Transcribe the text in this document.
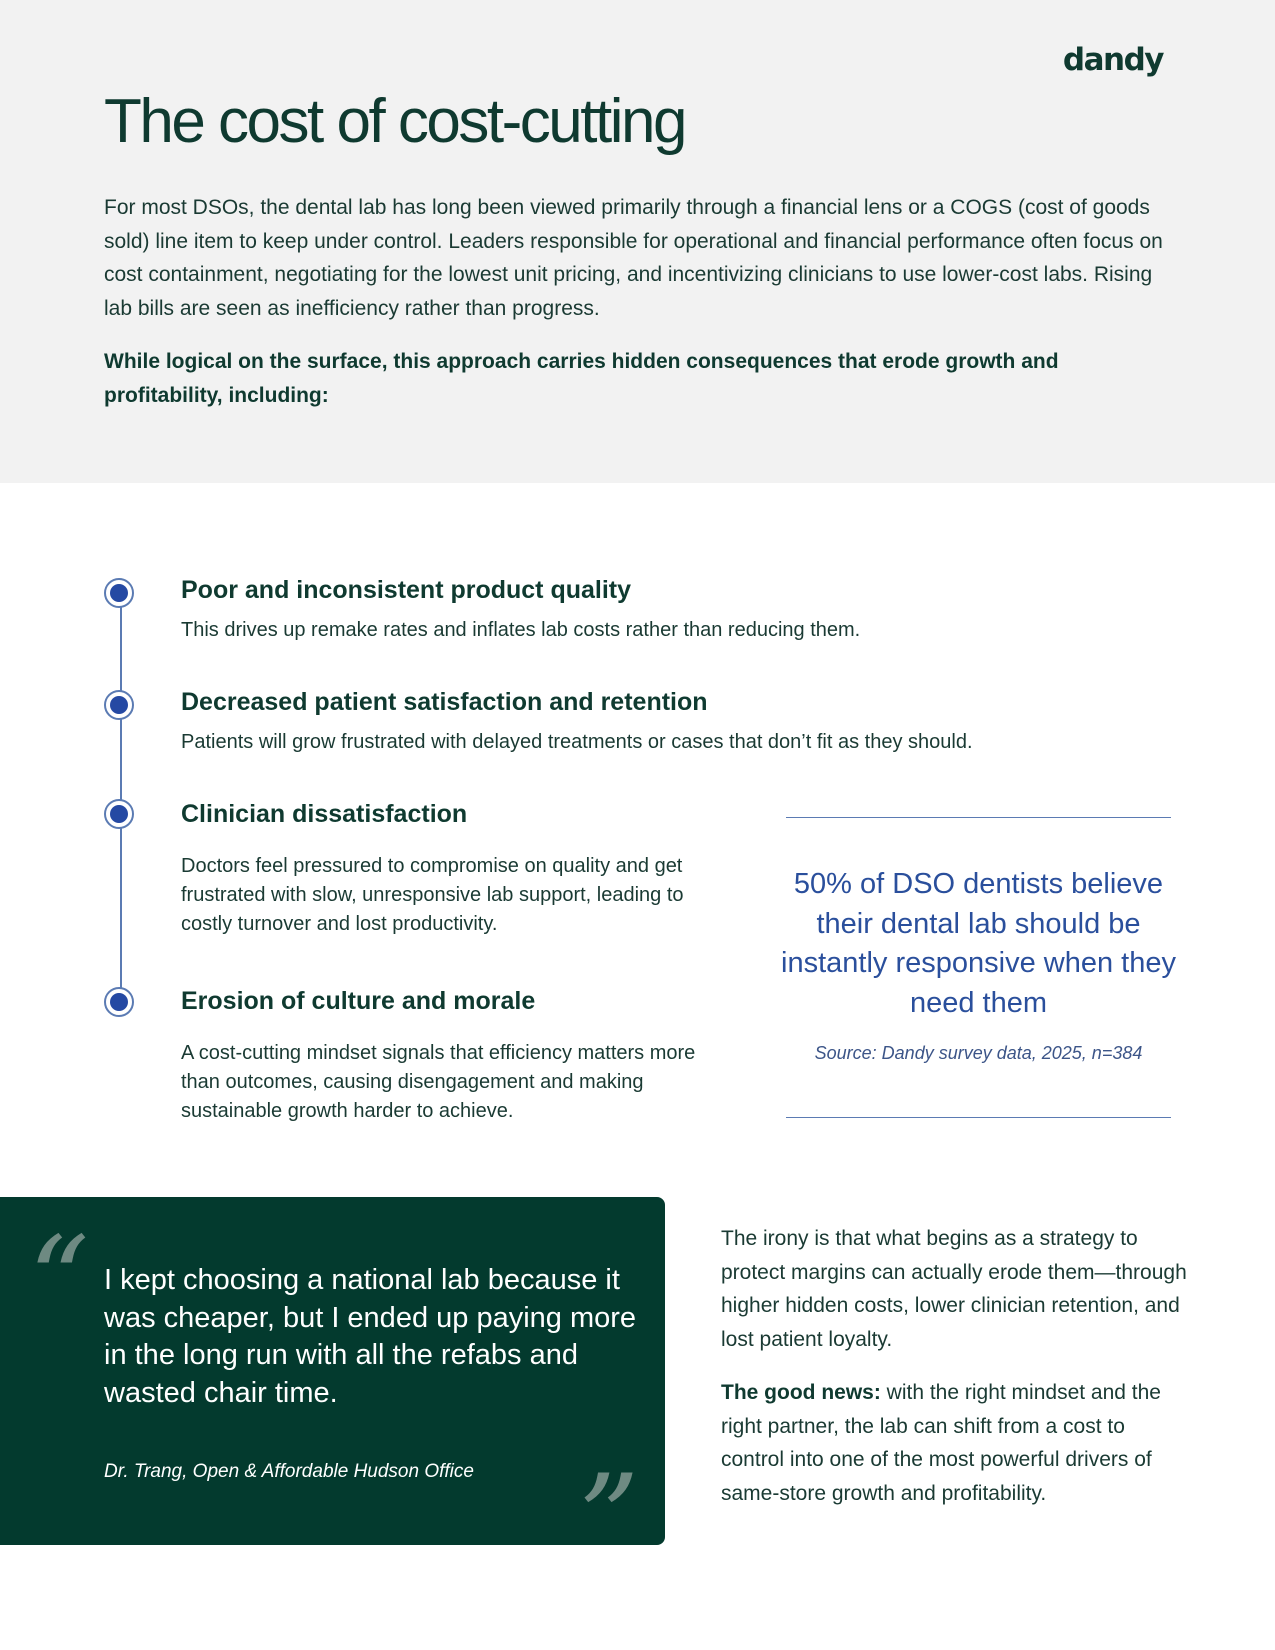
dandy
The cost of cost-cutting

For most DSOs, the dental lab has long been viewed primarily through a financial lens or a COGS (cost of goods sold) line item to keep under control. Leaders responsible for operational and financial performance often focus on cost containment, negotiating for the lowest unit pricing, and incentivizing clinicians to use lower-cost labs. Rising lab bills are seen as inefficiency rather than progress.

While logical on the surface, this approach carries hidden consequences that erode growth and profitability, including:

Poor and inconsistent product quality

This drives up remake rates and inflates lab costs rather than reducing them.

Decreased patient satisfaction and retention

Patients will grow frustrated with delayed treatments or cases that don’t fit as they should.

Clinician dissatisfaction

Doctors feel pressured to compromise on quality and get frustrated with slow, unresponsive lab support, leading to costly turnover and lost productivity.

Erosion of culture and morale

A cost-cutting mindset signals that efficiency matters more than outcomes, causing disengagement and making sustainable growth harder to achieve.

50% of DSO dentists believe their dental lab should be instantly responsive when they need them

Source: Dandy survey data, 2025, n=384

“ I kept choosing a national lab because it was cheaper, but I ended up paying more in the long run with all the refabs and wasted chair time.

Dr. Trang, Open & Affordable Hudson Office ”

The irony is that what begins as a strategy to protect margins can actually erode them—through higher hidden costs, lower clinician retention, and lost patient loyalty.

The good news: with the right mindset and the right partner, the lab can shift from a cost to control into one of the most powerful drivers of same-store growth and profitability.
